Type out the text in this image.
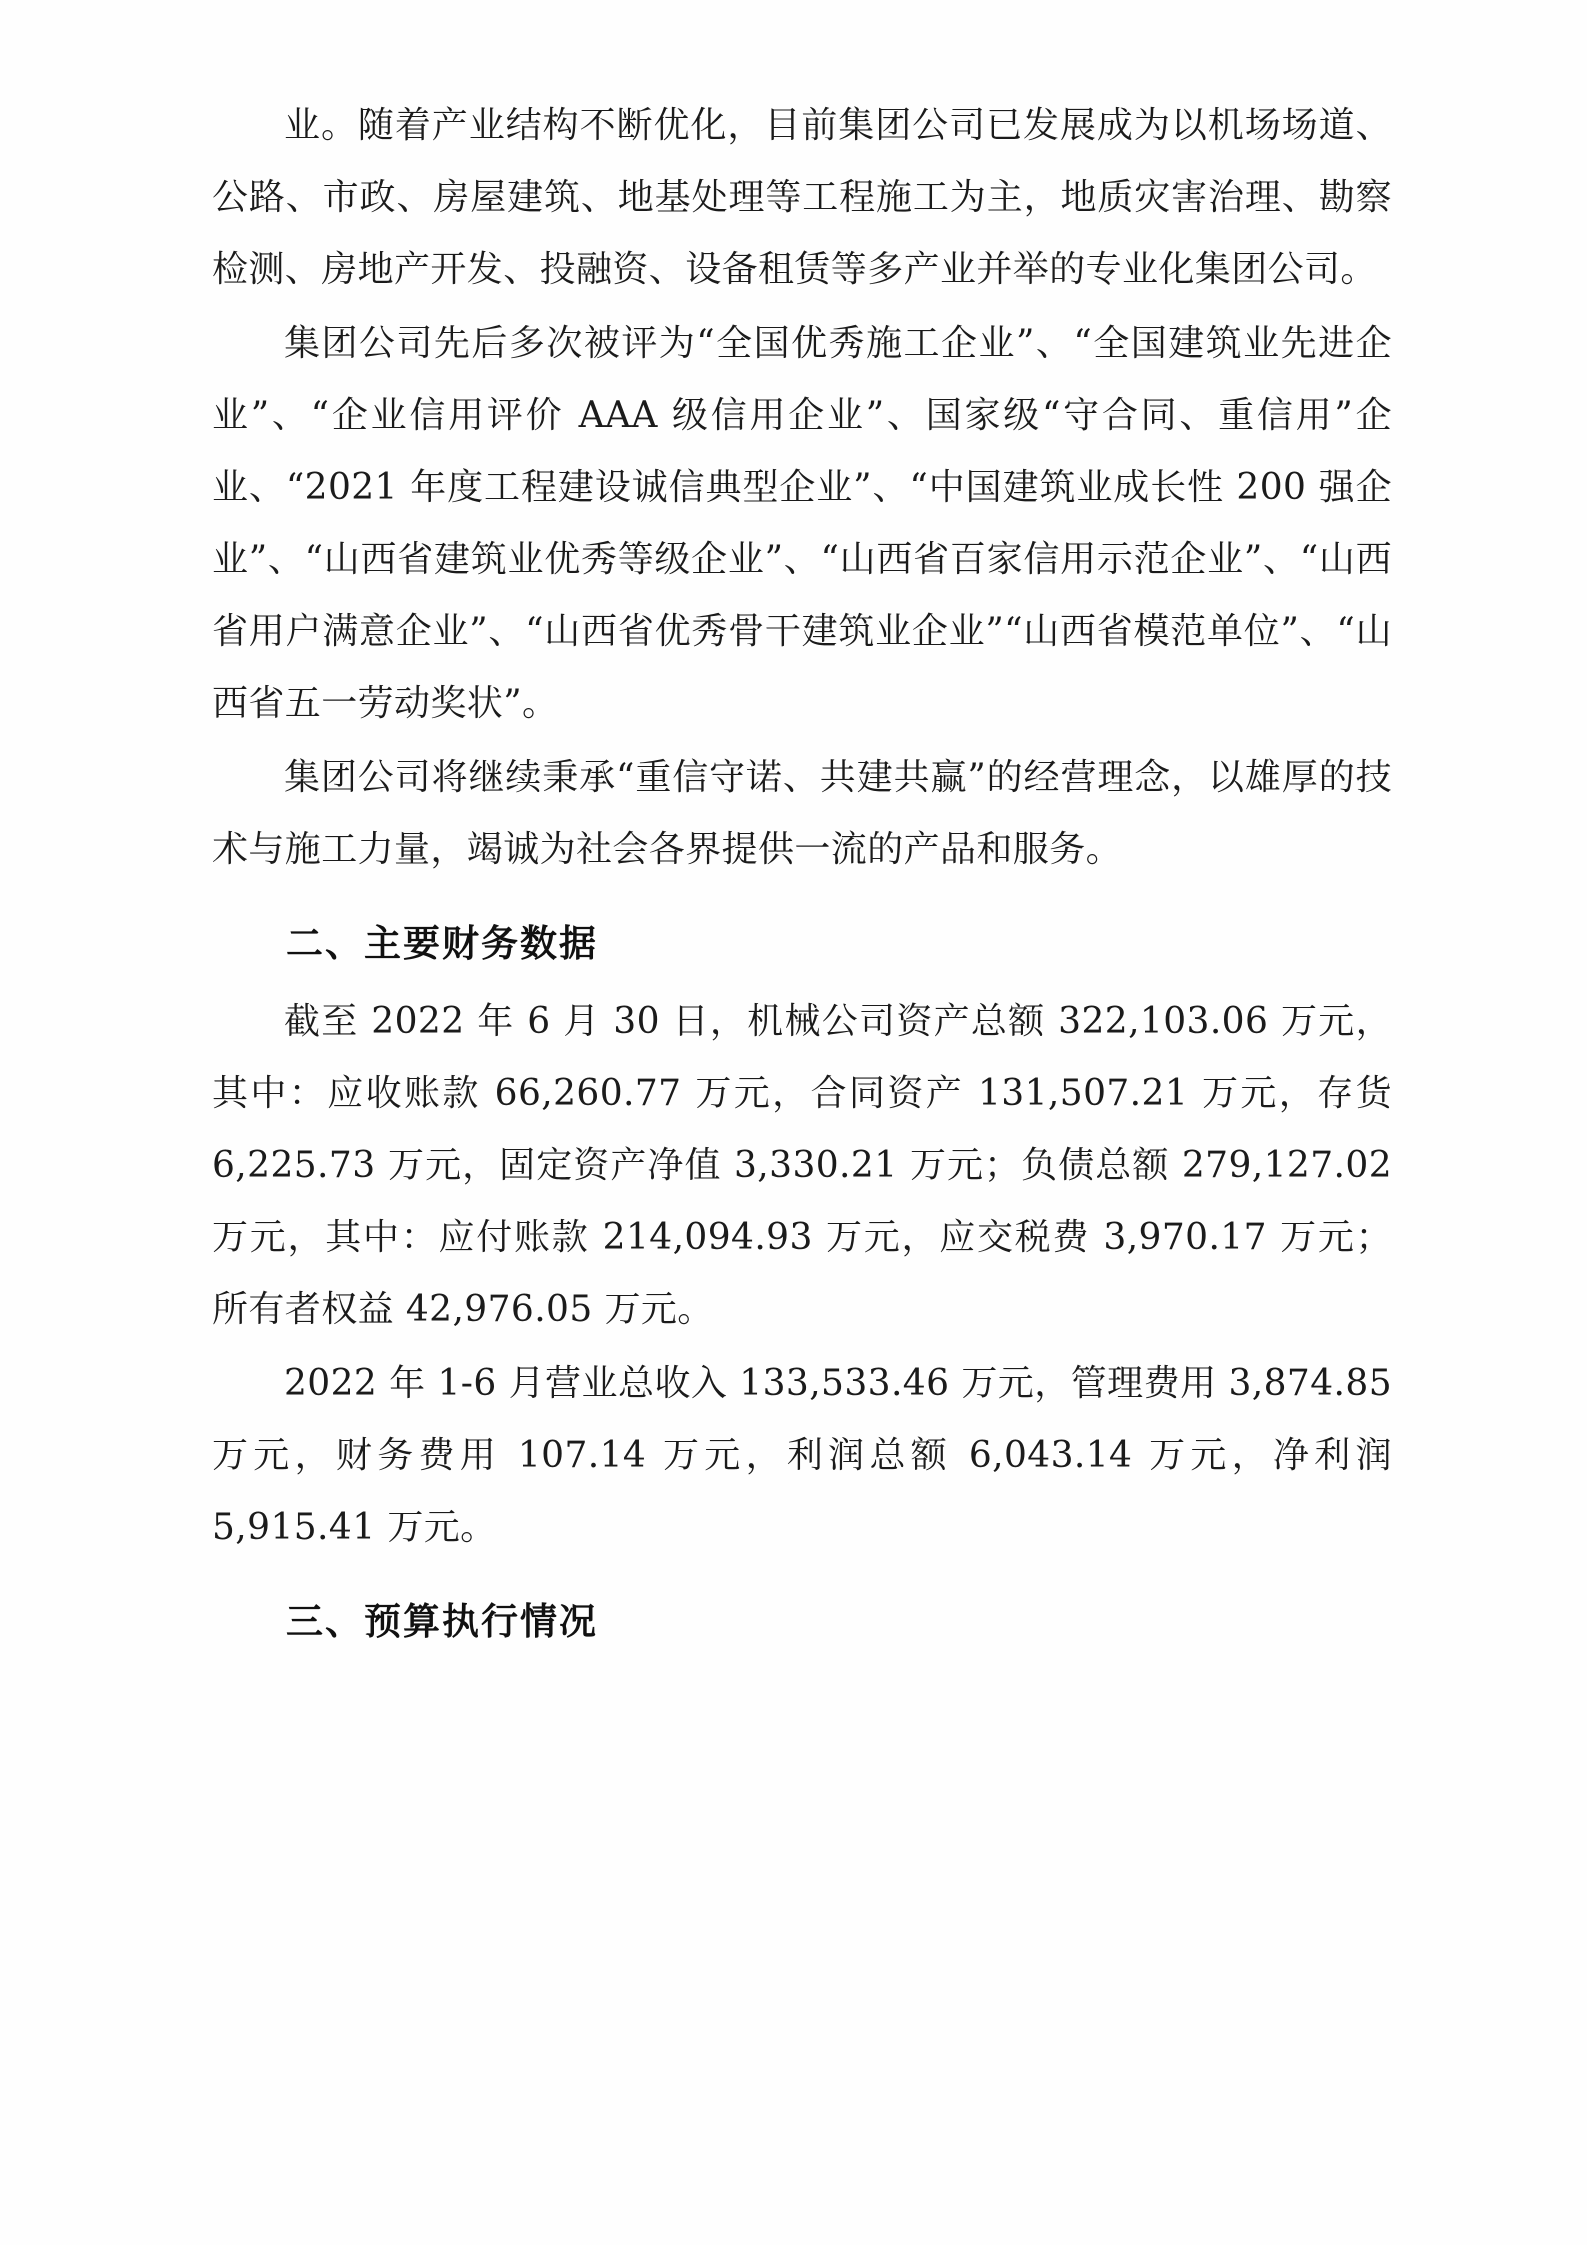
业。随着产业结构不断优化，目前集团公司已发展成为以机场场道、公路、市政、房屋建筑、地基处理等工程施工为主，地质灾害治理、勘察检测、房地产开发、投融资、设备租赁等多产业并举的专业化集团公司。

集团公司先后多次被评为“全国优秀施工企业”、“全国建筑业先进企业”、“企业信用评价 AAA 级信用企业”、国家级“守合同、重信用”企业、“2021 年度工程建设诚信典型企业”、“中国建筑业成长性 200 强企业”、“山西省建筑业优秀等级企业”、“山西省百家信用示范企业”、“山西省用户满意企业”、“山西省优秀骨干建筑业企业”“山西省模范单位”、“山西省五一劳动奖状”。

集团公司将继续秉承“重信守诺、共建共赢”的经营理念，以雄厚的技术与施工力量，竭诚为社会各界提供一流的产品和服务。

二、主要财务数据

截至 2022 年 6 月 30 日，机械公司资产总额 322,103.06 万元，其中：应收账款 66,260.77 万元，合同资产 131,507.21 万元，存货 6,225.73 万元，固定资产净值 3,330.21 万元；负债总额 279,127.02 万元，其中：应付账款 214,094.93 万元，应交税费 3,970.17 万元；所有者权益 42,976.05 万元。

2022 年 1-6 月营业总收入 133,533.46 万元，管理费用 3,874.85 万元，财务费用 107.14 万元，利润总额 6,043.14 万元，净利润 5,915.41 万元。

三、预算执行情况
